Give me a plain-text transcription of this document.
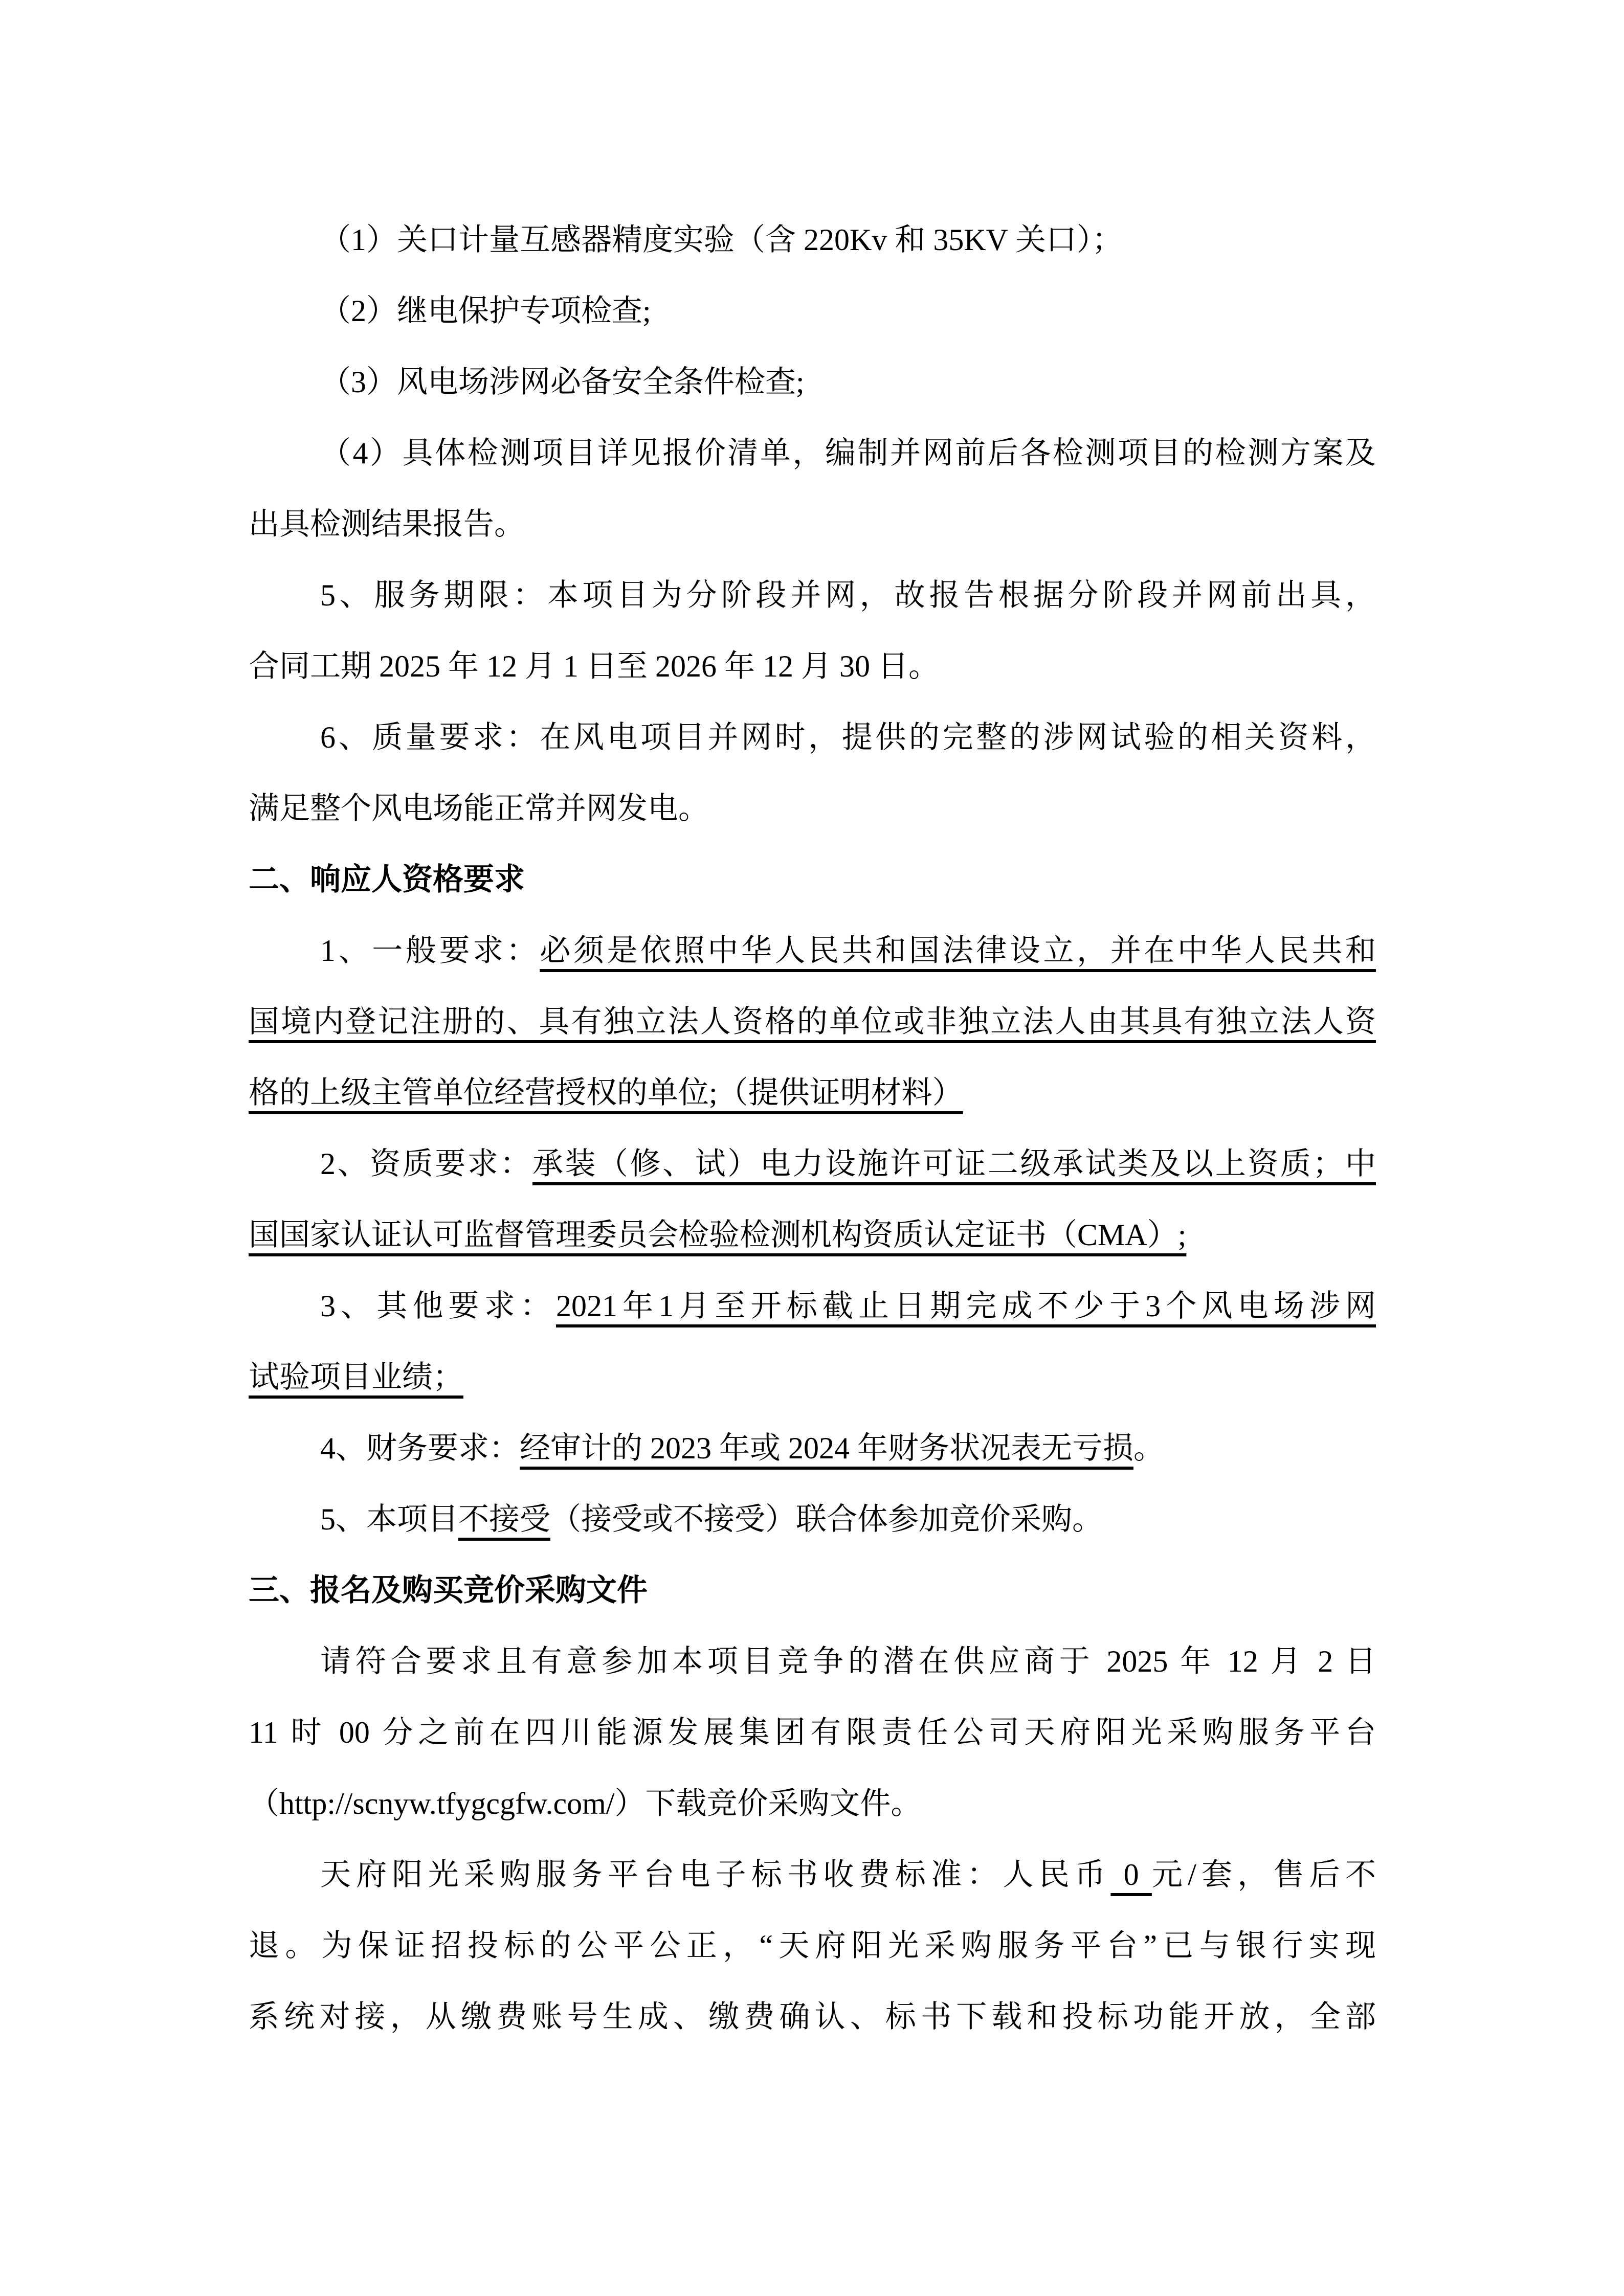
（1）关口计量互感器精度实验（含 220Kv 和 35KV 关口）；
（2）继电保护专项检查;
（3）风电场涉网必备安全条件检查;
（4）具体检测项目详见报价清单，编制并网前后各检测项目的检测方案及
出具检测结果报告。
5、服务期限：本项目为分阶段并网，故报告根据分阶段并网前出具，
合同工期 2025 年 12 月 1 日至 2026 年 12 月 30 日。
6、质量要求：在风电项目并网时，提供的完整的涉网试验的相关资料，
满足整个风电场能正常并网发电。
二、响应人资格要求
1、一般要求：必须是依照中华人民共和国法律设立，并在中华人民共和
国境内登记注册的、具有独立法人资格的单位或非独立法人由其具有独立法人资
格的上级主管单位经营授权的单位;（提供证明材料）
2、资质要求：承装（修、试）电力设施许可证二级承试类及以上资质；中
国国家认证认可监督管理委员会检验检测机构资质认定证书（CMA）;
3、其他要求：2021年1月至开标截止日期完成不少于3个风电场涉网
试验项目业绩；
4、财务要求：经审计的 2023 年或 2024 年财务状况表无亏损。
5、本项目不接受（接受或不接受）联合体参加竞价采购。
三、报名及购买竞价采购文件
请符合要求且有意参加本项目竞争的潜在供应商于 2025 年 12 月 2 日
11 时 00 分之前在四川能源发展集团有限责任公司天府阳光采购服务平台
（http://scnyw.tfygcgfw.com/）下载竞价采购文件。
天府阳光采购服务平台电子标书收费标准：人民币 0 元/套，售后不
退。为保证招投标的公平公正，“天府阳光采购服务平台”已与银行实现
系统对接，从缴费账号生成、缴费确认、标书下载和投标功能开放，全部
